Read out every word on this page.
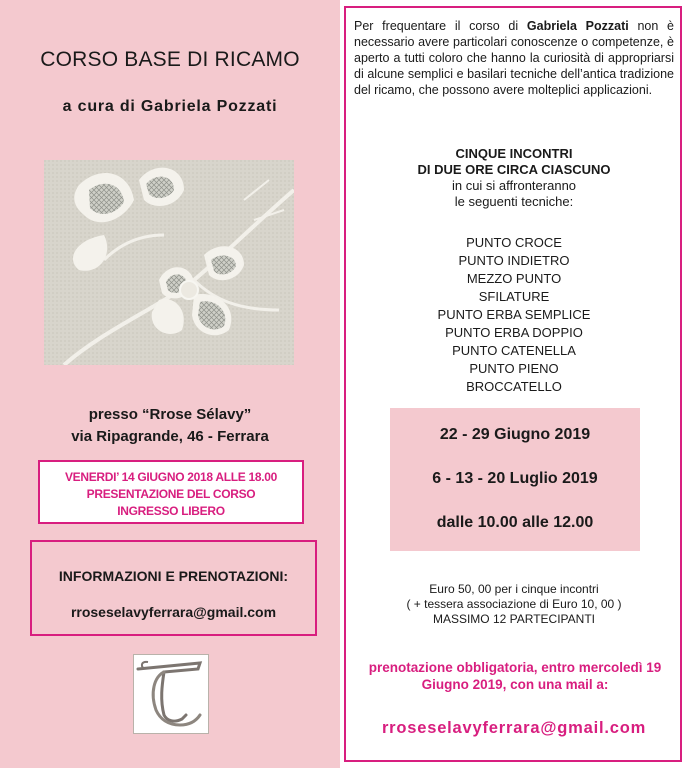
CORSO BASE DI RICAMO
a cura di Gabriela Pozzati
presso “Rrose Sélavy”
via Ripagrande, 46 - Ferrara
VENERDI’ 14 GIUGNO 2018 ALLE 18.00
PRESENTAZIONE DEL CORSO
INGRESSO LIBERO
INFORMAZIONI E PRENOTAZIONI:
rroseselavyferrara@gmail.com
Per frequentare il corso di Gabriela Pozzati non è necessario avere particolari conoscenze o competenze, è aperto a tutti coloro che hanno la curiosità di appropriarsi di alcune semplici e basilari tecniche dell’antica tradizione del ricamo, che possono avere molteplici applicazioni.
CINQUE INCONTRI
DI DUE ORE CIRCA CIASCUNO
in cui si affronteranno
le seguenti tecniche:
PUNTO CROCE
PUNTO INDIETRO
MEZZO PUNTO
SFILATURE
PUNTO ERBA SEMPLICE
PUNTO ERBA DOPPIO
PUNTO CATENELLA
PUNTO PIENO
BROCCATELLO
22 - 29 Giugno 2019
6 - 13 - 20 Luglio 2019
dalle 10.00 alle 12.00
Euro 50, 00 per i cinque incontri
( + tessera associazione di Euro 10, 00 )
MASSIMO 12 PARTECIPANTI
prenotazione obbligatoria, entro mercoledì 19 Giugno 2019, con una mail a:
rroseselavyferrara@gmail.com
